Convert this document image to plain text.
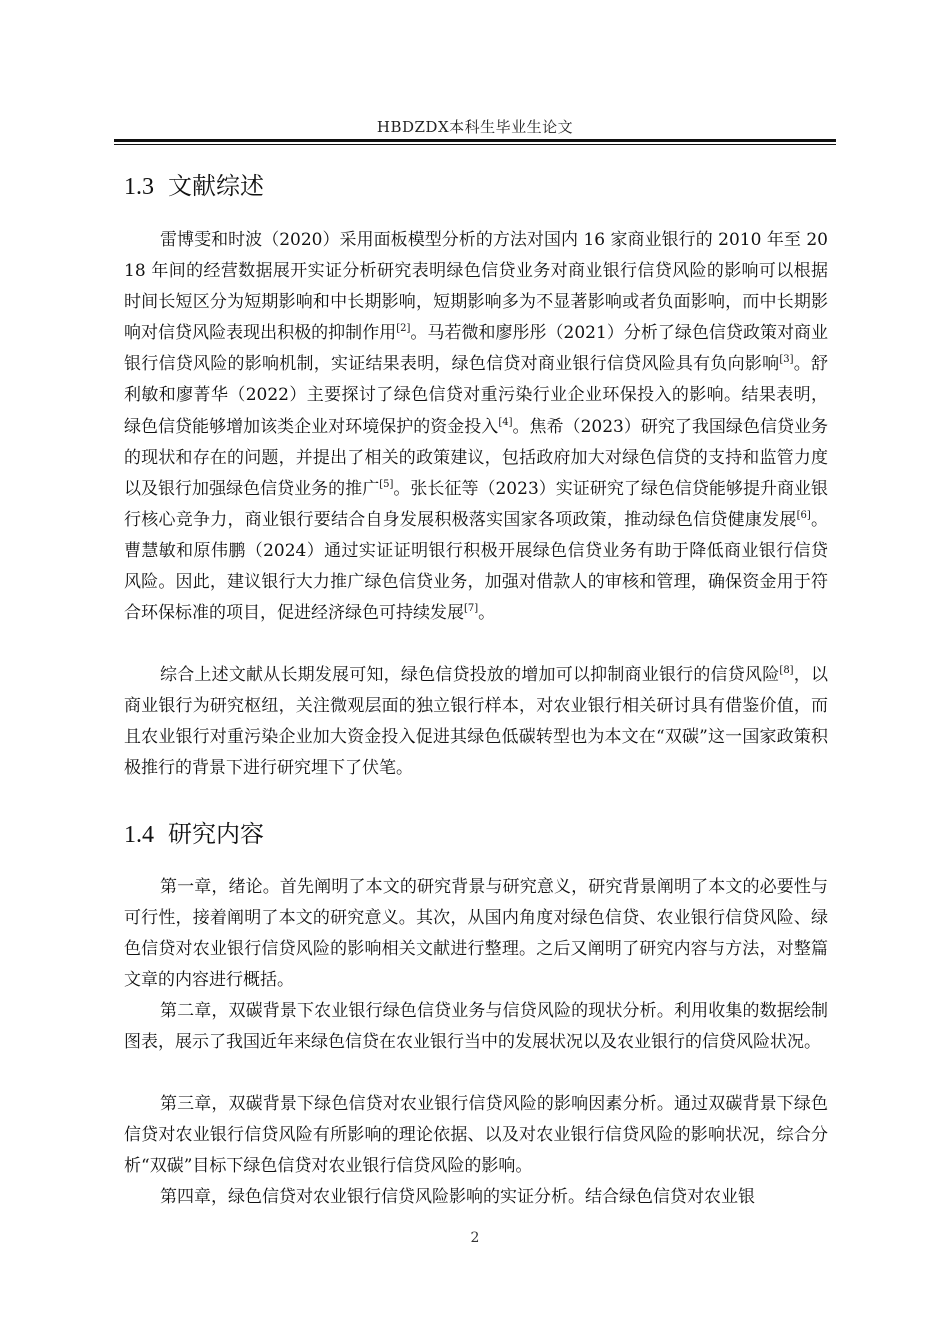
HBDZDX本科生毕业生论文
1.3 文献综述

雷博雯和时波（2020）采用面板模型分析的方法对国内 16 家商业银行的 2010 年至 2018 年间的经营数据展开实证分析研究表明绿色信贷业务对商业银行信贷风险的影响可以根据时间长短区分为短期影响和中长期影响，短期影响多为不显著影响或者负面影响，而中长期影响对信贷风险表现出积极的抑制作用[2]。马若微和廖彤彤（2021）分析了绿色信贷政策对商业银行信贷风险的影响机制，实证结果表明，绿色信贷对商业银行信贷风险具有负向影响[3]。舒利敏和廖菁华（2022）主要探讨了绿色信贷对重污染行业企业环保投入的影响。结果表明，绿色信贷能够增加该类企业对环境保护的资金投入[4]。焦希（2023）研究了我国绿色信贷业务的现状和存在的问题，并提出了相关的政策建议，包括政府加大对绿色信贷的支持和监管力度以及银行加强绿色信贷业务的推广[5]。张长征等（2023）实证研究了绿色信贷能够提升商业银行核心竞争力，商业银行要结合自身发展积极落实国家各项政策，推动绿色信贷健康发展[6]。曹慧敏和原伟鹏（2024）通过实证证明银行积极开展绿色信贷业务有助于降低商业银行信贷风险。因此，建议银行大力推广绿色信贷业务，加强对借款人的审核和管理，确保资金用于符合环保标准的项目，促进经济绿色可持续发展[7]。

综合上述文献从长期发展可知，绿色信贷投放的增加可以抑制商业银行的信贷风险[8]，以商业银行为研究枢纽，关注微观层面的独立银行样本，对农业银行相关研讨具有借鉴价值，而且农业银行对重污染企业加大资金投入促进其绿色低碳转型也为本文在“双碳”这一国家政策积极推行的背景下进行研究埋下了伏笔。

1.4 研究内容

第一章，绪论。首先阐明了本文的研究背景与研究意义，研究背景阐明了本文的必要性与可行性，接着阐明了本文的研究意义。其次，从国内角度对绿色信贷、农业银行信贷风险、绿色信贷对农业银行信贷风险的影响相关文献进行整理。之后又阐明了研究内容与方法，对整篇文章的内容进行概括。

第二章，双碳背景下农业银行绿色信贷业务与信贷风险的现状分析。利用收集的数据绘制图表，展示了我国近年来绿色信贷在农业银行当中的发展状况以及农业银行的信贷风险状况。

第三章，双碳背景下绿色信贷对农业银行信贷风险的影响因素分析。通过双碳背景下绿色信贷对农业银行信贷风险有所影响的理论依据、以及对农业银行信贷风险的影响状况，综合分析“双碳”目标下绿色信贷对农业银行信贷风险的影响。

第四章，绿色信贷对农业银行信贷风险影响的实证分析。结合绿色信贷对农业银

2
